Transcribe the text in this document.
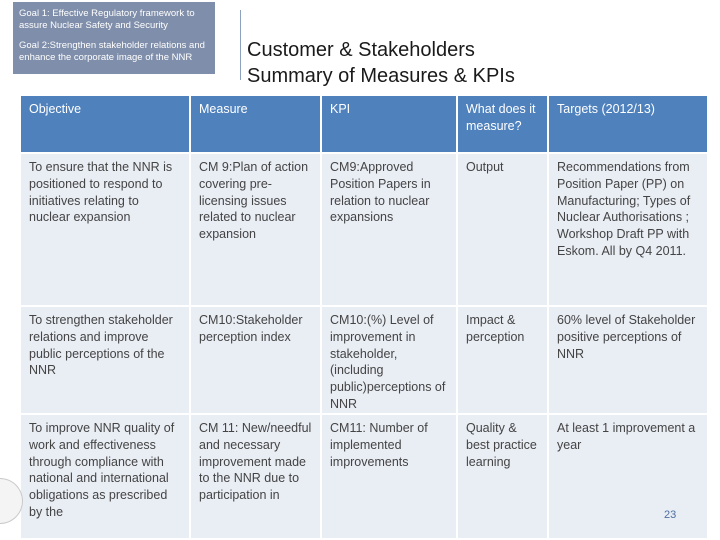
Goal 1: Effective Regulatory framework to assure Nuclear Safety and Security
Goal 2:Strengthen stakeholder relations and enhance the corporate image of the NNR	Customer & Stakeholders
Summary of Measures & KPIs
Objective	Measure	KPI	What does it measure?	Targets (2012/13)
To ensure that the NNR is positioned to respond to initiatives relating to nuclear expansion	CM 9:Plan of action covering pre-licensing issues related to nuclear expansion	CM9:Approved Position Papers in relation to nuclear expansions	Output	Recommendations from Position Paper (PP) on Manufacturing; Types of Nuclear Authorisations ; Workshop Draft PP with Eskom. All by Q4 2011.
To strengthen stakeholder relations and improve public perceptions of the NNR	CM10:Stakeholder perception index	CM10:(%) Level of improvement in stakeholder, (including public)perceptions of NNR	Impact & perception	60% level of Stakeholder positive perceptions of NNR
To improve NNR quality of work and effectiveness through compliance with national and international obligations as prescribed by the	CM 11: New/needful and necessary improvement made to the NNR due to participation in	CM11: Number of implemented improvements	Quality & best practice learning	At least 1 improvement a year
23
